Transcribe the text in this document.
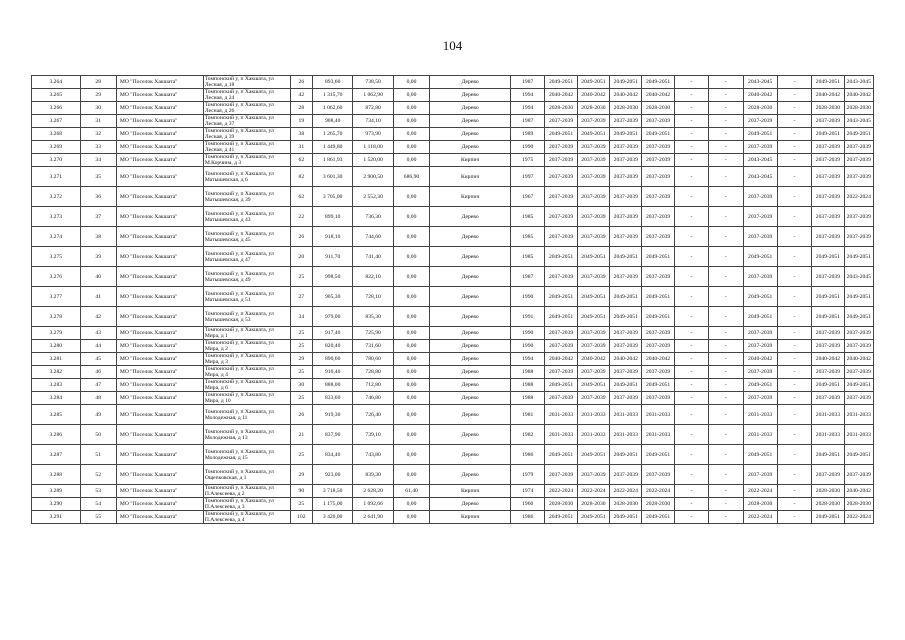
104
3.264	28	МО "Поселок Хакшата"	Томпонский у, п Хакшата, ул Лесная, д 18	26	893,60	738,50	0,00	Дерево	1987	2049-2051	2049-2051	2049-2051	2049-2051	-	-	2043-2045	-	2049-2051	2043-2045
3.265	29	МО "Поселок Хакшата"	Томпонский у, п Хакшата, ул Лесная, д 24	42	1 315,70	1 062,90	0,00	Дерево	1994	2040-2042	2040-2042	2040-2042	2040-2042	-	-	2040-2042	-	2040-2042	2040-2042
3.266	30	МО "Поселок Хакшата"	Томпонский у, п Хакшата, ул Лесная, д 26	28	1 062,60	872,80	0,00	Дерево	1994	2028-2030	2028-2030	2028-2030	2028-2030	-	-	2028-2030	-	2028-2030	2028-2030
3.267	31	МО "Поселок Хакшата"	Томпонский у, п Хакшата, ул Лесная, д 37	19	908,40	734,10	0,00	Дерево	1987	2037-2039	2037-2039	2037-2039	2037-2039	-	-	2037-2039	-	2037-2039	2043-2045
3.268	32	МО "Поселок Хакшата"	Томпонский у, п Хакшата, ул Лесная, д 39	38	1 265,70	973,90	0,00	Дерево	1989	2049-2051	2049-2051	2049-2051	2049-2051	-	-	2049-2051	-	2049-2051	2049-2051
3.269	33	МО "Поселок Хакшата"	Томпонский у, п Хакшата, ул Лесная, д 41	31	1 449,80	1 118,00	0,00	Дерево	1990	2037-2039	2037-2039	2037-2039	2037-2039	-	-	2037-2039	-	2037-2039	2037-2039
3.270	34	МО "Поселок Хакшата"	Томпонский у, п Хакшата, ул М.Корчина, д 3	62	1 861,93	1 520,00	0,00	Кирпич	1975	2037-2039	2037-2039	2037-2039	2037-2039	-	-	2043-2045	-	2037-2039	2037-2039
3.271	35	МО "Поселок Хакшата"	Томпонский у, п Хакшата, ул Матышевская, д 6	82	3 601,30	2 900,50	686,90	Кирпич	1997	2037-2039	2037-2039	2037-2039	2037-2039	-	-	2043-2045	-	2037-2039	2037-2039
3.272	36	МО "Поселок Хакшата"	Томпонский у, п Хакшата, ул Матышевская, д 39	62	3 705,00	2 552,30	0,00	Кирпич	1967	2037-2039	2037-2039	2037-2039	2037-2039	-	-	2037-2039	-	2037-2039	2022-2024
3.273	37	МО "Поселок Хакшата"	Томпонский у, п Хакшата, ул Матышевская, д 43	22	899,10	736,30	0,00	Дерево	1985	2037-2039	2037-2039	2037-2039	2037-2039	-	-	2037-2039	-	2037-2039	2037-2039
3.274	38	МО "Поселок Хакшата"	Томпонский у, п Хакшата, ул Матышевская, д 45	26	918,10	744,60	0,00	Дерево	1985	2037-2039	2037-2039	2037-2039	2037-2039	-	-	2037-2039	-	2037-2039	2037-2039
3.275	39	МО "Поселок Хакшата"	Томпонский у, п Хакшата, ул Матышевская, д 47	20	911,70	741,40	0,00	Дерево	1985	2049-2051	2049-2051	2049-2051	2049-2051	-	-	2049-2051	-	2049-2051	2049-2051
3.276	40	МО "Поселок Хакшата"	Томпонский у, п Хакшата, ул Матышевская, д 49	25	998,50	822,10	0,00	Дерево	1987	2037-2039	2037-2039	2037-2039	2037-2039	-	-	2037-2039	-	2037-2039	2043-2045
3.277	41	МО "Поселок Хакшата"	Томпонский у, п Хакшата, ул Матышевская, д 51	27	905,30	728,10	0,00	Дерево	1990	2049-2051	2049-2051	2049-2051	2049-2051	-	-	2049-2051	-	2049-2051	2049-2051
3.278	42	МО "Поселок Хакшата"	Томпонский у, п Хакшата, ул Матышевская, д 53	34	979,00	835,30	0,00	Дерево	1991	2049-2051	2049-2051	2049-2051	2049-2051	-	-	2049-2051	-	2049-2051	2049-2051
3.279	43	МО "Поселок Хакшата"	Томпонский у, п Хакшата, ул Мира, д 1	25	917,40	725,90	0,00	Дерево	1990	2037-2039	2037-2039	2037-2039	2037-2039	-	-	2037-2039	-	2037-2039	2037-2039
3.280	44	МО "Поселок Хакшата"	Томпонский у, п Хакшата, ул Мира, д 2	25	820,40	731,60	0,00	Дерево	1990	2037-2039	2037-2039	2037-2039	2037-2039	-	-	2037-2039	-	2037-2039	2037-2039
3.281	45	МО "Поселок Хакшата"	Томпонский у, п Хакшата, ул Мира, д 3	29	890,60	780,60	0,00	Дерево	1994	2040-2042	2040-2042	2040-2042	2040-2042	-	-	2040-2042	-	2040-2042	2040-2042
3.282	46	МО "Поселок Хакшата"	Томпонский у, п Хакшата, ул Мира, д 4	25	910,40	728,80	0,00	Дерево	1988	2037-2039	2037-2039	2037-2039	2037-2039	-	-	2037-2039	-	2037-2039	2037-2039
3.283	47	МО "Поселок Хакшата"	Томпонский у, п Хакшата, ул Мира, д 6	30	888,00	712,80	0,00	Дерево	1988	2049-2051	2049-2051	2049-2051	2049-2051	-	-	2049-2051	-	2049-2051	2049-2051
3.284	48	МО "Поселок Хакшата"	Томпонский у, п Хакшата, ул Мира, д 10	25	833,60	746,80	0,00	Дерево	1988	2037-2039	2037-2039	2037-2039	2037-2039	-	-	2037-2039	-	2037-2039	2037-2039
3.285	49	МО "Поселок Хакшата"	Томпонский у, п Хакшата, ул Молодежная, д 11	26	919,30	726,40	0,00	Дерево	1981	2031-2033	2031-2033	2031-2033	2031-2033	-	-	2031-2033	-	2031-2033	2031-2033
3.286	50	МО "Поселок Хакшата"	Томпонский у, п Хакшата, ул Молодежная, д 13	21	837,90	739,10	0,00	Дерево	1982	2031-2033	2031-2033	2031-2033	2031-2033	-	-	2031-2033	-	2031-2033	2031-2033
3.287	51	МО "Поселок Хакшата"	Томпонский у, п Хакшата, ул Молодежная, д 15	25	834,40	743,80	0,00	Дерево	1986	2049-2051	2049-2051	2049-2051	2049-2051	-	-	2049-2051	-	2049-2051	2049-2051
3.288	52	МО "Поселок Хакшата"	Томпонский у, п Хакшата, ул Ощепковская, д 1	29	923,00	839,30	0,00	Дерево	1979	2037-2039	2037-2039	2037-2039	2037-2039	-	-	2037-2039	-	2037-2039	2037-2039
3.289	53	МО "Поселок Хакшата"	Томпонский у, п Хакшата, ул П.Алексеева, д 2	90	3 718,50	2 628,20	61,40	Кирпич	1974	2022-2024	2022-2024	2022-2024	2022-2024	-	-	2022-2024	-	2028-2030	2040-2042
3.290	54	МО "Поселок Хакшата"	Томпонский у, п Хакшата, ул П.Алексеева, д 3	25	1 175,00	1 092,66	0,00	Дерево	1960	2028-2030	2028-2030	2028-2030	2028-2030	-	-	2028-2030	-	2028-2030	2028-2030
3.291	55	МО "Поселок Хакшата"	Томпонский у, п Хакшата, ул П.Алексеева, д 4	102	3 420,00	2 641,90	0,00	Кирпич	1986	2049-2051	2049-2051	2049-2051	2049-2051	-	-	2022-2024	-	2049-2051	2022-2024
